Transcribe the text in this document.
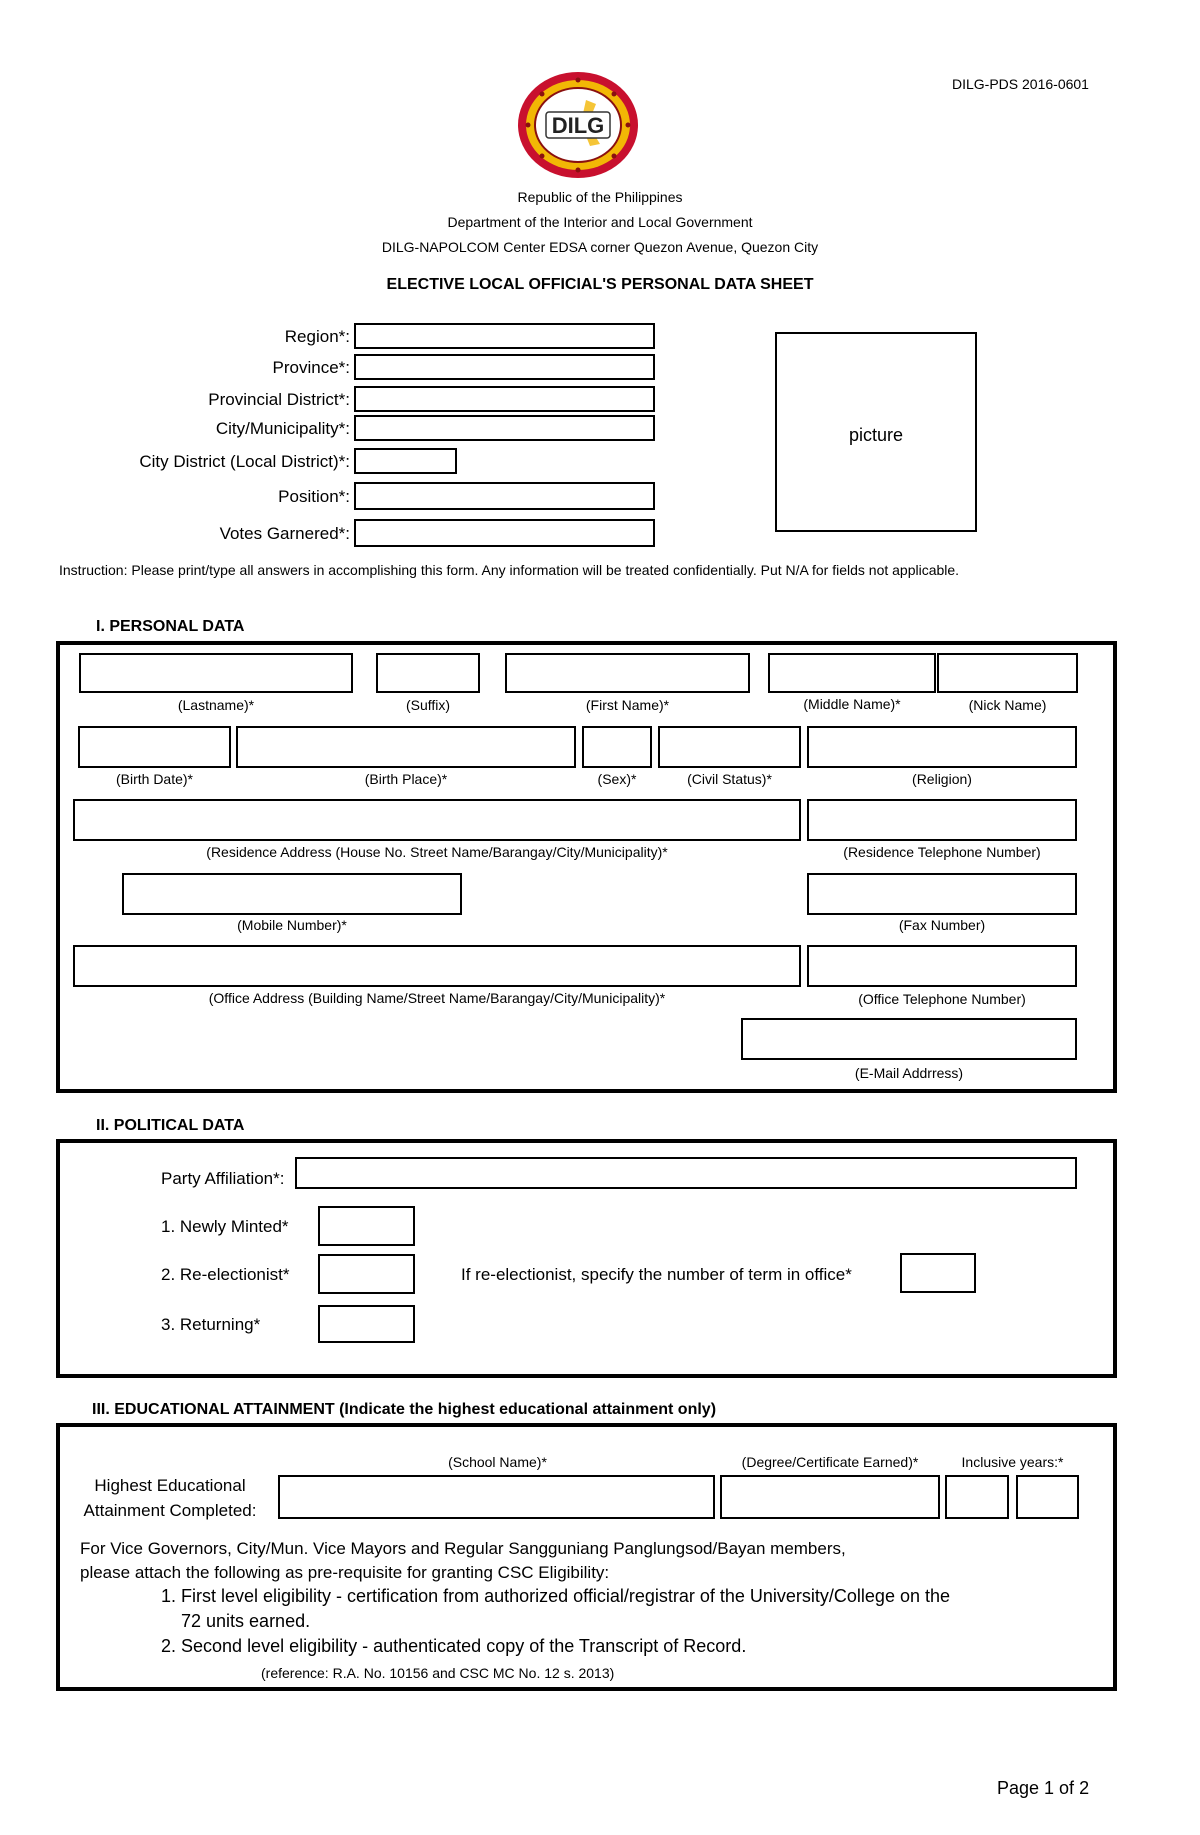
DILG-PDS 2016-0601
DILG
Republic of the Philippines
Department of the Interior and Local Government
DILG-NAPOLCOM Center EDSA corner Quezon Avenue, Quezon City
ELECTIVE LOCAL OFFICIAL'S PERSONAL DATA SHEET
Region*:
Province*:
Provincial District*:
City/Municipality*:
City District (Local District)*:
Position*:
Votes Garnered*:
picture
Instruction: Please print/type all answers in accomplishing this form. Any information will be treated confidentially. Put N/A for fields not applicable.
I. PERSONAL DATA
(Lastname)*	(Suffix)	(First Name)*	(Middle Name)*	(Nick Name)
(Birth Date)*	(Birth Place)*	(Sex)*	(Civil Status)*	(Religion)
(Residence Address (House No. Street Name/Barangay/City/Municipality)*	(Residence Telephone Number)
(Mobile Number)*	(Fax Number)
(Office Address (Building Name/Street Name/Barangay/City/Municipality)*	(Office Telephone Number)
(E-Mail Addrress)
II. POLITICAL DATA
Party Affiliation*:
1. Newly Minted*
2. Re-electionist*	If re-electionist, specify the number of term in office*
3. Returning*
III. EDUCATIONAL ATTAINMENT (Indicate the highest educational attainment only)
(School Name)*	(Degree/Certificate Earned)*	Inclusive years:*
Highest Educational
Attainment Completed:
For Vice Governors, City/Mun. Vice Mayors and Regular Sangguniang Panglungsod/Bayan members,
please attach the following as pre-requisite for granting CSC Eligibility:
1. First level eligibility - certification from authorized official/registrar of the University/College on the
72 units earned.
2. Second level eligibility - authenticated copy of the Transcript of Record.
(reference: R.A. No. 10156 and CSC MC No. 12 s. 2013)
Page 1 of 2
